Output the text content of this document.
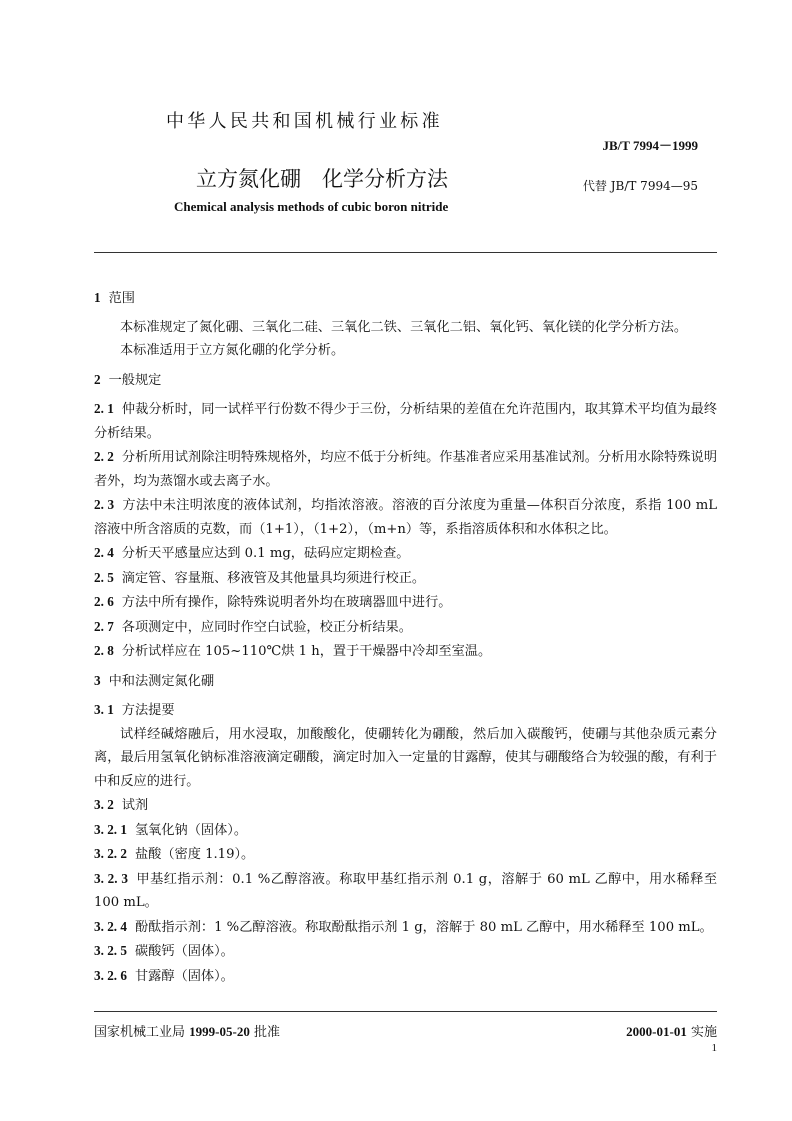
中华人民共和国机械行业标准
JB/T 7994－1999
立方氮化硼　化学分析方法	代替 JB/T 7994—95
Chemical analysis methods of cubic boron nitride

1 范围

本标准规定了氮化硼、三氧化二硅、三氧化二铁、三氧化二铝、氧化钙、氧化镁的化学分析方法。

本标准适用于立方氮化硼的化学分析。

2 一般规定

2. 1 仲裁分析时，同一试样平行份数不得少于三份，分析结果的差值在允许范围内，取其算术平均值为最终分析结果。

2. 2 分析所用试剂除注明特殊规格外，均应不低于分析纯。作基准者应采用基准试剂。分析用水除特殊说明者外，均为蒸馏水或去离子水。

2. 3 方法中未注明浓度的液体试剂，均指浓溶液。溶液的百分浓度为重量—体积百分浓度，系指 100 mL 溶液中所含溶质的克数，而（1+1），（1+2），（m+n）等，系指溶质体积和水体积之比。

2. 4 分析天平感量应达到 0.1 mg，砝码应定期检查。

2. 5 滴定管、容量瓶、移液管及其他量具均须进行校正。

2. 6 方法中所有操作，除特殊说明者外均在玻璃器皿中进行。

2. 7 各项测定中，应同时作空白试验，校正分析结果。

2. 8 分析试样应在 105~110℃烘 1 h，置于干燥器中冷却至室温。

3 中和法测定氮化硼

3. 1 方法提要

试样经碱熔融后，用水浸取，加酸酸化，使硼转化为硼酸，然后加入碳酸钙，使硼与其他杂质元素分离，最后用氢氧化钠标准溶液滴定硼酸，滴定时加入一定量的甘露醇，使其与硼酸络合为较强的酸，有利于中和反应的进行。

3. 2 试剂

3. 2. 1 氢氧化钠（固体）。

3. 2. 2 盐酸（密度 1.19）。

3. 2. 3 甲基红指示剂：0.1 %乙醇溶液。称取甲基红指示剂 0.1 g，溶解于 60 mL 乙醇中，用水稀释至 100 mL。

3. 2. 4 酚酞指示剂：1 %乙醇溶液。称取酚酞指示剂 1 g，溶解于 80 mL 乙醇中，用水稀释至 100 mL。

3. 2. 5 碳酸钙（固体）。

3. 2. 6 甘露醇（固体）。

国家机械工业局 1999-05-20 批准	2000-01-01 实施
1
